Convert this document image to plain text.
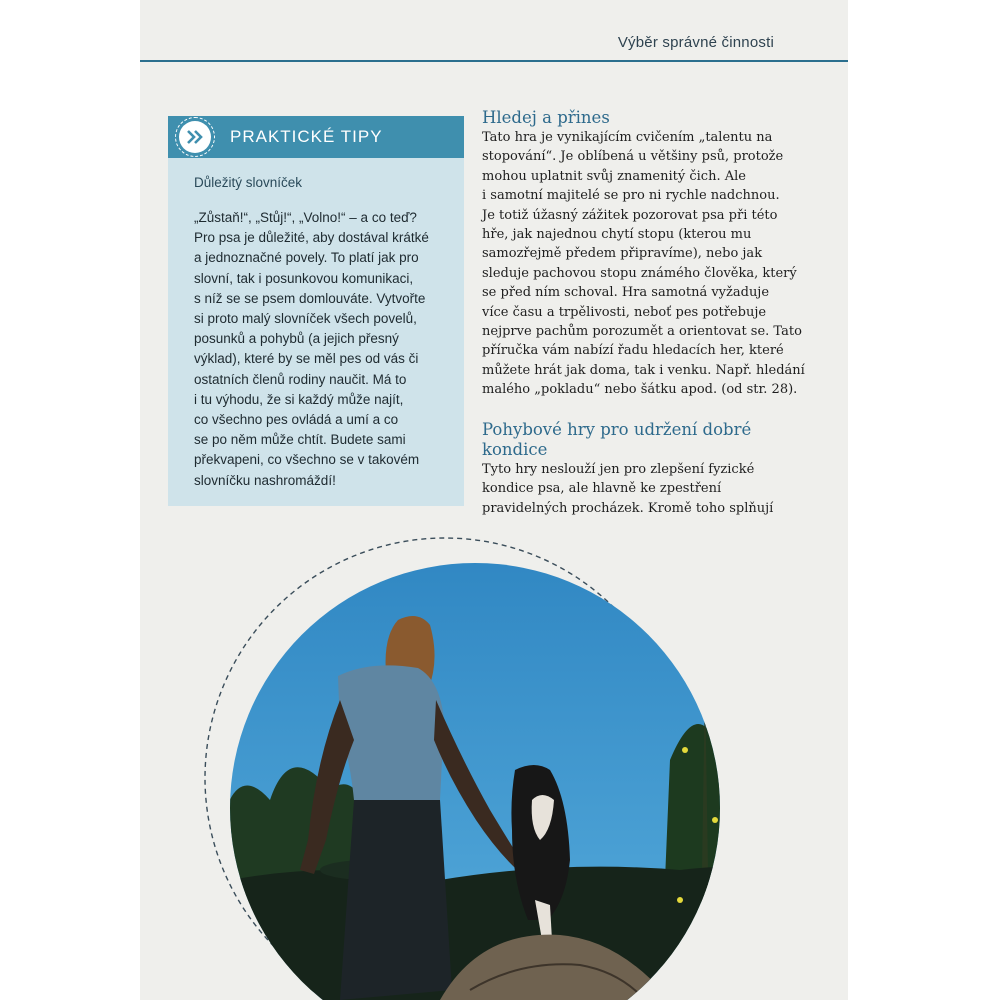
Výběr správné činnosti
PRAKTICKÉ TIPY
Důležitý slovníček
„Zůstaň!“, „Stůj!“, „Volno!“ – a co teď?
Pro psa je důležité, aby dostával krátké
a jednoznačné povely. To platí jak pro
slovní, tak i posunkovou komunikaci,
s níž se se psem domlouváte. Vytvořte
si proto malý slovníček všech povelů,
posunků a pohybů (a jejich přesný
výklad), které by se měl pes od vás či
ostatních členů rodiny naučit. Má to
i tu výhodu, že si každý může najít,
co všechno pes ovládá a umí a co
se po něm může chtít. Budete sami
překvapeni, co všechno se v takovém
slovníčku nashromáždí!
Hledej a přines
Tato hra je vynikajícím cvičením „talentu na
stopování“. Je oblíbená u většiny psů, protože
mohou uplatnit svůj znamenitý čich. Ale
i samotní majitelé se pro ni rychle nadchnou.
Je totiž úžasný zážitek pozorovat psa při této
hře, jak najednou chytí stopu (kterou mu
samozřejmě předem připravíme), nebo jak
sleduje pachovou stopu známého člověka, který
se před ním schoval. Hra samotná vyžaduje
více času a trpělivosti, neboť pes potřebuje
nejprve pachům porozumět a orientovat se. Tato
příručka vám nabízí řadu hledacích her, které
můžete hrát jak doma, tak i venku. Např. hledání
malého „pokladu“ nebo šátku apod. (od str. 28).
Pohybové hry pro udržení dobré
kondice
Tyto hry neslouží jen pro zlepšení fyzické
kondice psa, ale hlavně ke zpestření
pravidelných procházek. Kromě toho splňují
